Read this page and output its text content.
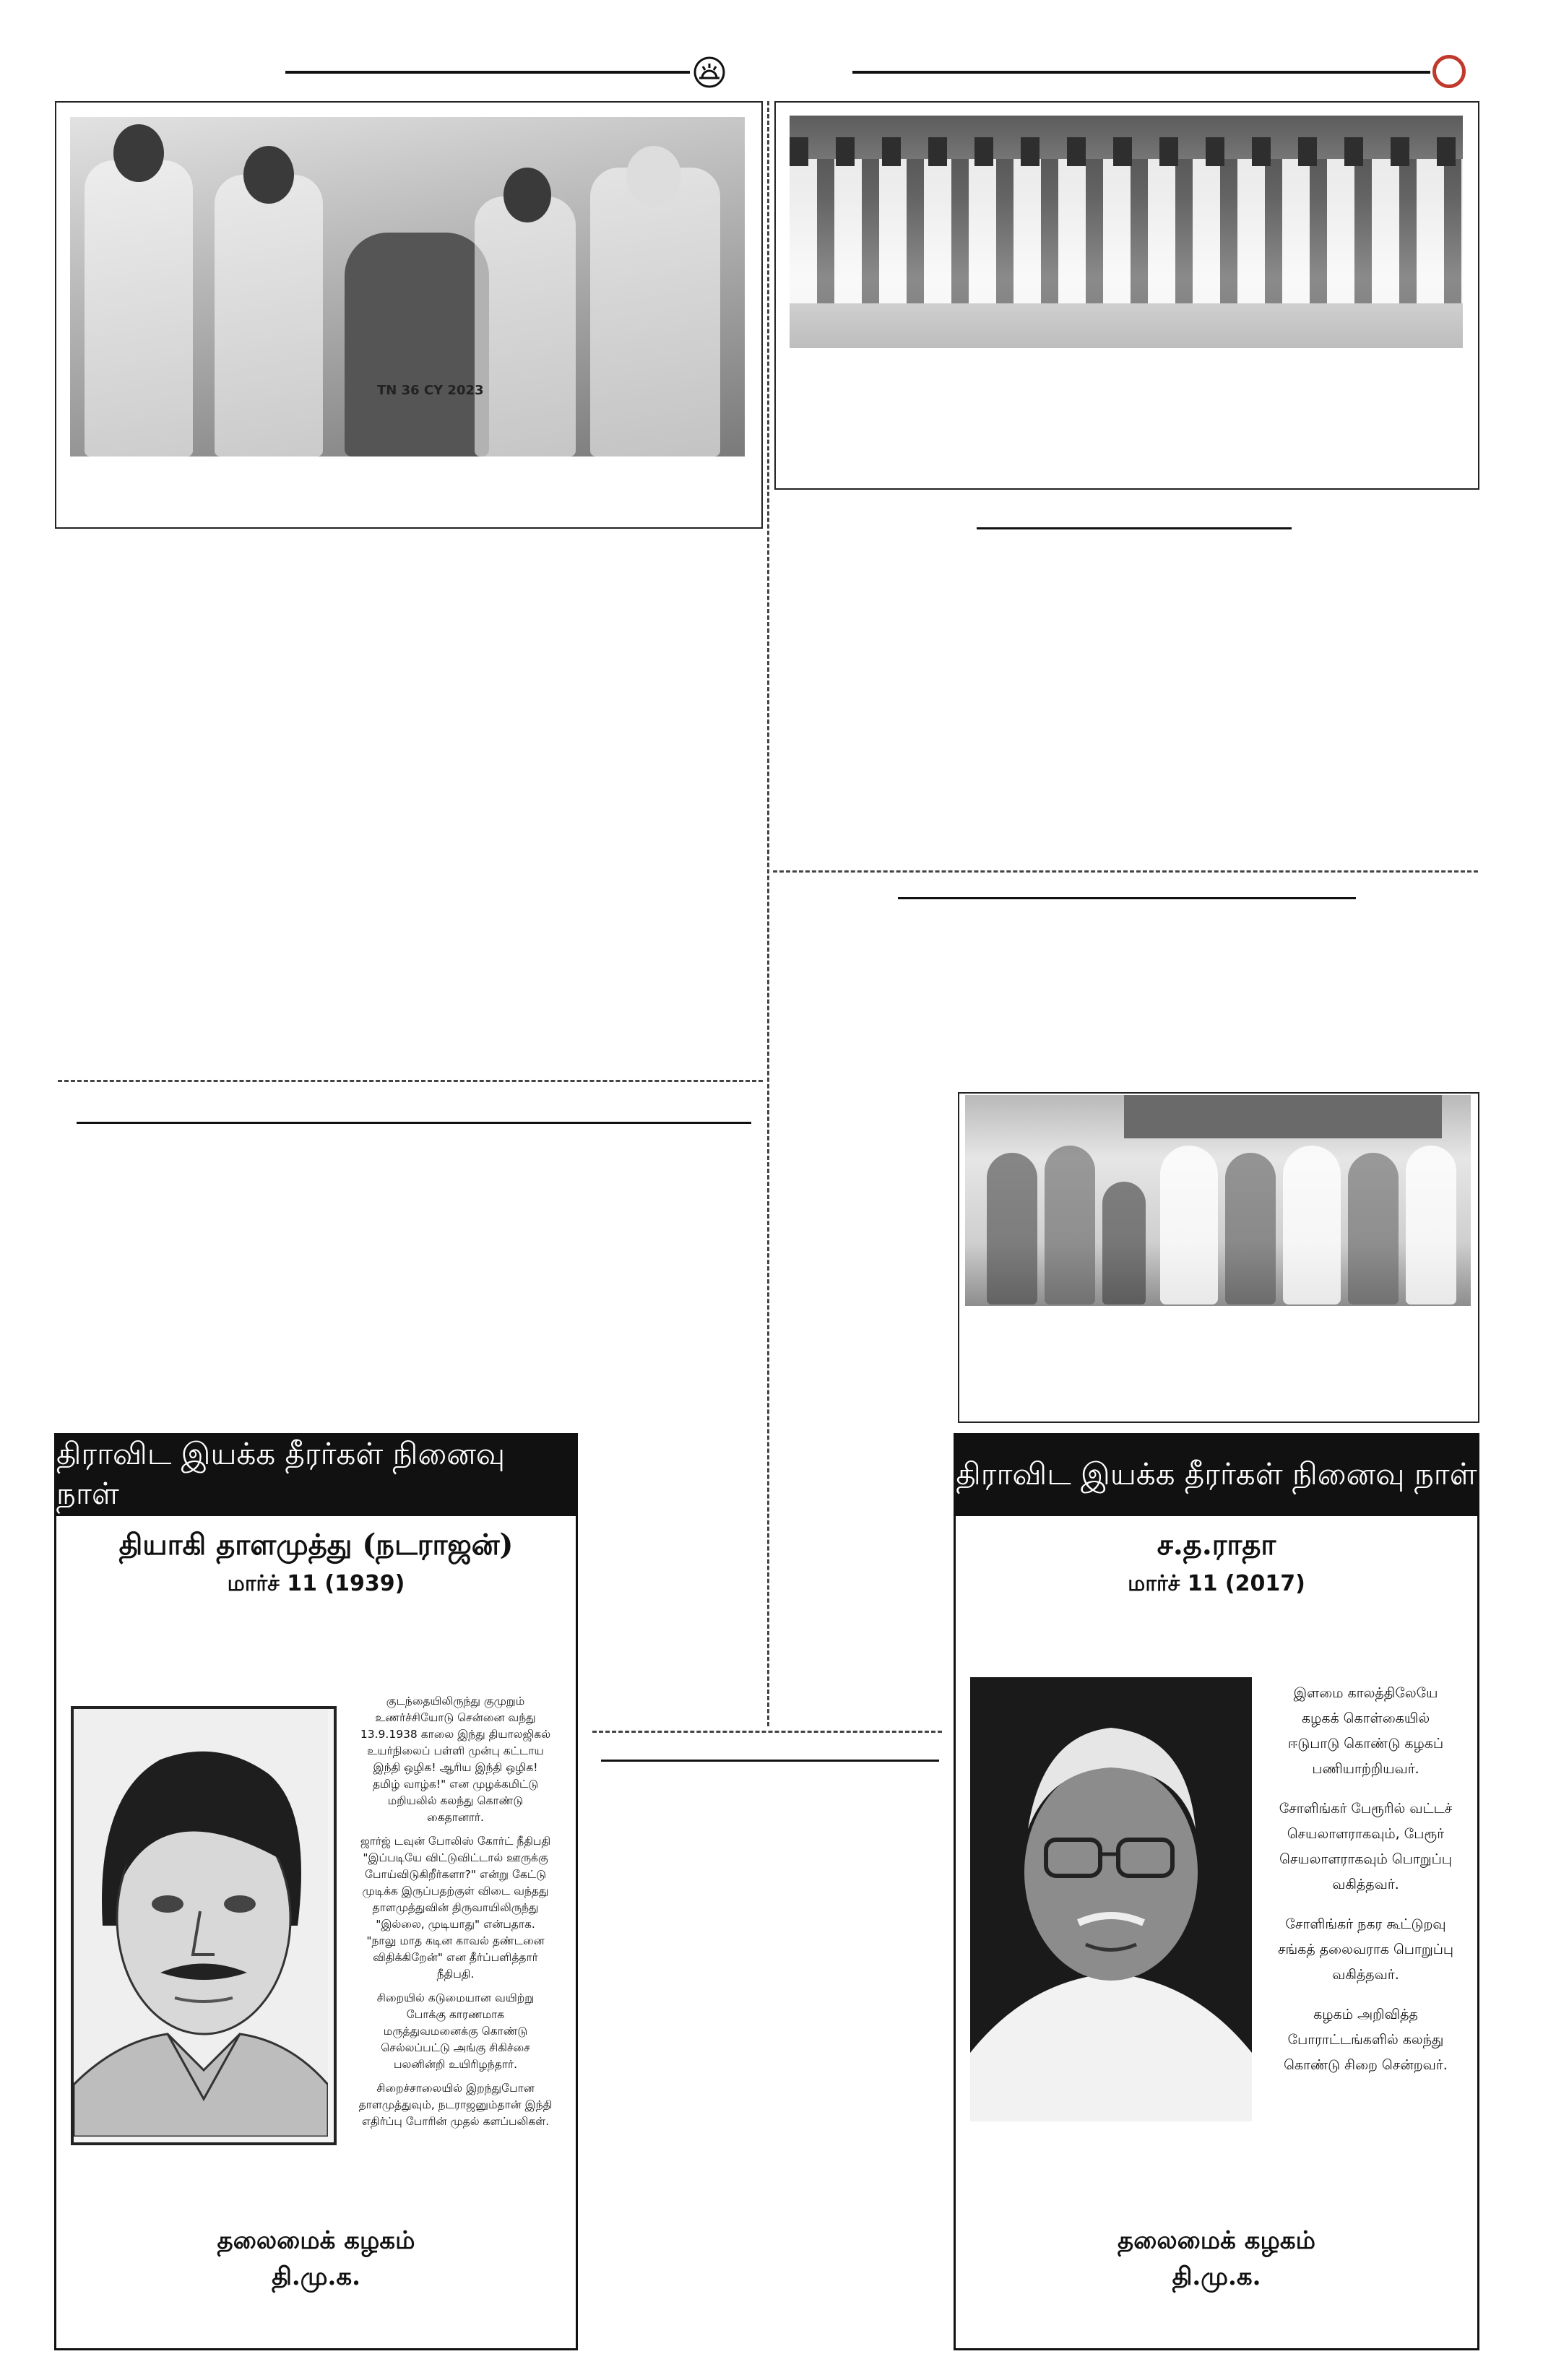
TN 36 CY 2023
திராவிட இயக்க தீரர்கள் நினைவு நாள்
தியாகி தாளமுத்து (நடராஜன்)
மார்ச் 11 (1939)
குடந்தையிலிருந்து குமுறும்
உணர்ச்சியோடு சென்னை வந்து
13.9.1938 காலை இந்து தியாலஜிகல்
உயர்நிலைப் பள்ளி முன்பு கட்டாய
இந்தி ஒழிக! ஆரிய இந்தி ஒழிக!
தமிழ் வாழ்க!" என முழக்கமிட்டு
மறியலில் கலந்து கொண்டு
கைதானார்.
ஜார்ஜ் டவுன் போலிஸ் கோர்ட் நீதிபதி
"இப்படியே விட்டுவிட்டால் ஊருக்கு
போய்விடுகிறீர்களா?" என்று கேட்டு
முடிக்க இருப்பதற்குள் விடை வந்தது
தாளமுத்துவின் திருவாயிலிருந்து
"இல்லை, முடியாது" என்பதாக.
"நாலு மாத கடின காவல் தண்டனை
விதிக்கிறேன்" என தீர்ப்பளித்தார்
நீதிபதி.
சிறையில் கடுமையான வயிற்று
போக்கு காரணமாக
மருத்துவமனைக்கு கொண்டு
செல்லப்பட்டு அங்கு சிகிச்சை
பலனின்றி உயிரிழந்தார்.
சிறைச்சாலையில் இறந்துபோன
தாளமுத்துவும், நடராஜனும்தான் இந்தி
எதிர்ப்பு போரின் முதல் களப்பலிகள்.
தலைமைக் கழகம்
தி.மு.க.
திராவிட இயக்க தீரர்கள் நினைவு நாள்
ச.த.ராதா
மார்ச் 11 (2017)
இளமை காலத்திலேயே
கழகக் கொள்கையில்
ஈடுபாடு கொண்டு கழகப்
பணியாற்றியவர்.
சோளிங்கர் பேரூரில் வட்டச்
செயலாளராகவும், பேரூர்
செயலாளராகவும் பொறுப்பு
வகித்தவர்.
சோளிங்கர் நகர கூட்டுறவு
சங்கத் தலைவராக பொறுப்பு
வகித்தவர்.
கழகம் அறிவித்த
போராட்டங்களில் கலந்து
கொண்டு சிறை சென்றவர்.
தலைமைக் கழகம்
தி.மு.க.
